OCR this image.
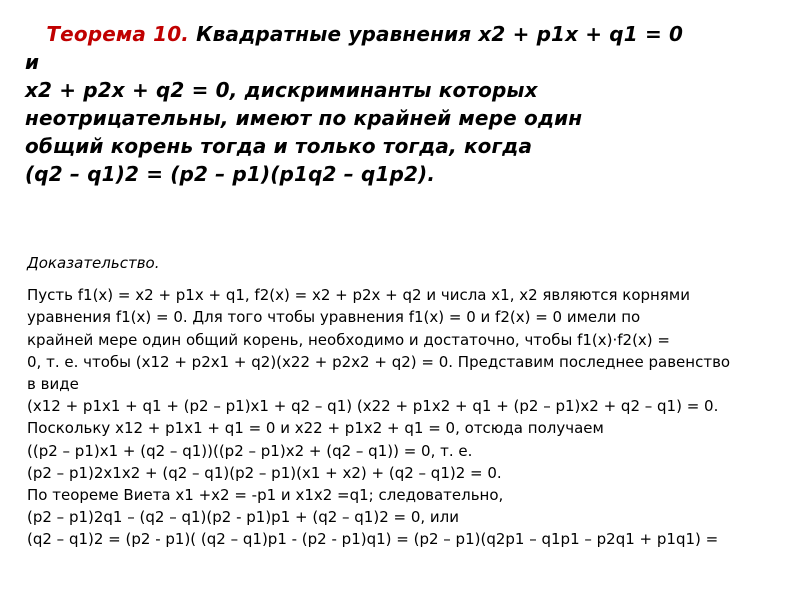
Теорема 10. Квадратные уравнения x2 + p1x + q1 = 0
и
x2 + p2x + q2 = 0, дискриминанты которых
неотрицательны, имеют по крайней мере один
общий корень тогда и только тогда, когда
(q2 – q1)2 = (p2 – p1)(p1q2 – q1p2).
Доказательство.
Пусть f1(x) = x2 + p1x + q1, f2(x) = x2 + p2x + q2 и числа x1, x2 являются корнями
уравнения f1(x) = 0. Для того чтобы уравнения f1(x) = 0 и f2(x) = 0 имели по
крайней мере один общий корень, необходимо и достаточно, чтобы f1(x)·f2(x) =
0, т. е. чтобы (x12 + p2x1 + q2)(x22 + p2x2 + q2) = 0. Представим последнее равенство
в виде
(x12 + p1x1 + q1 + (p2 – p1)x1 + q2 – q1) (x22 + p1x2 + q1 + (p2 – p1)x2 + q2 – q1) = 0.
Поскольку x12 + p1x1 + q1 = 0 и x22 + p1x2 + q1 = 0, отсюда получаем
((p2 – p1)x1 + (q2 – q1))((p2 – p1)x2 + (q2 – q1)) = 0, т. е.
(p2 – p1)2x1x2 + (q2 – q1)(p2 – p1)(x1 + x2) + (q2 – q1)2 = 0.
По теореме Виета x1 +x2 = -p1 и x1x2 =q1; следовательно,
(p2 – p1)2q1 – (q2 – q1)(p2 - p1)p1 + (q2 – q1)2 = 0, или
(q2 – q1)2 = (p2 - p1)( (q2 – q1)p1 - (p2 - p1)q1) = (p2 – p1)(q2p1 – q1p1 – p2q1 + p1q1) =
